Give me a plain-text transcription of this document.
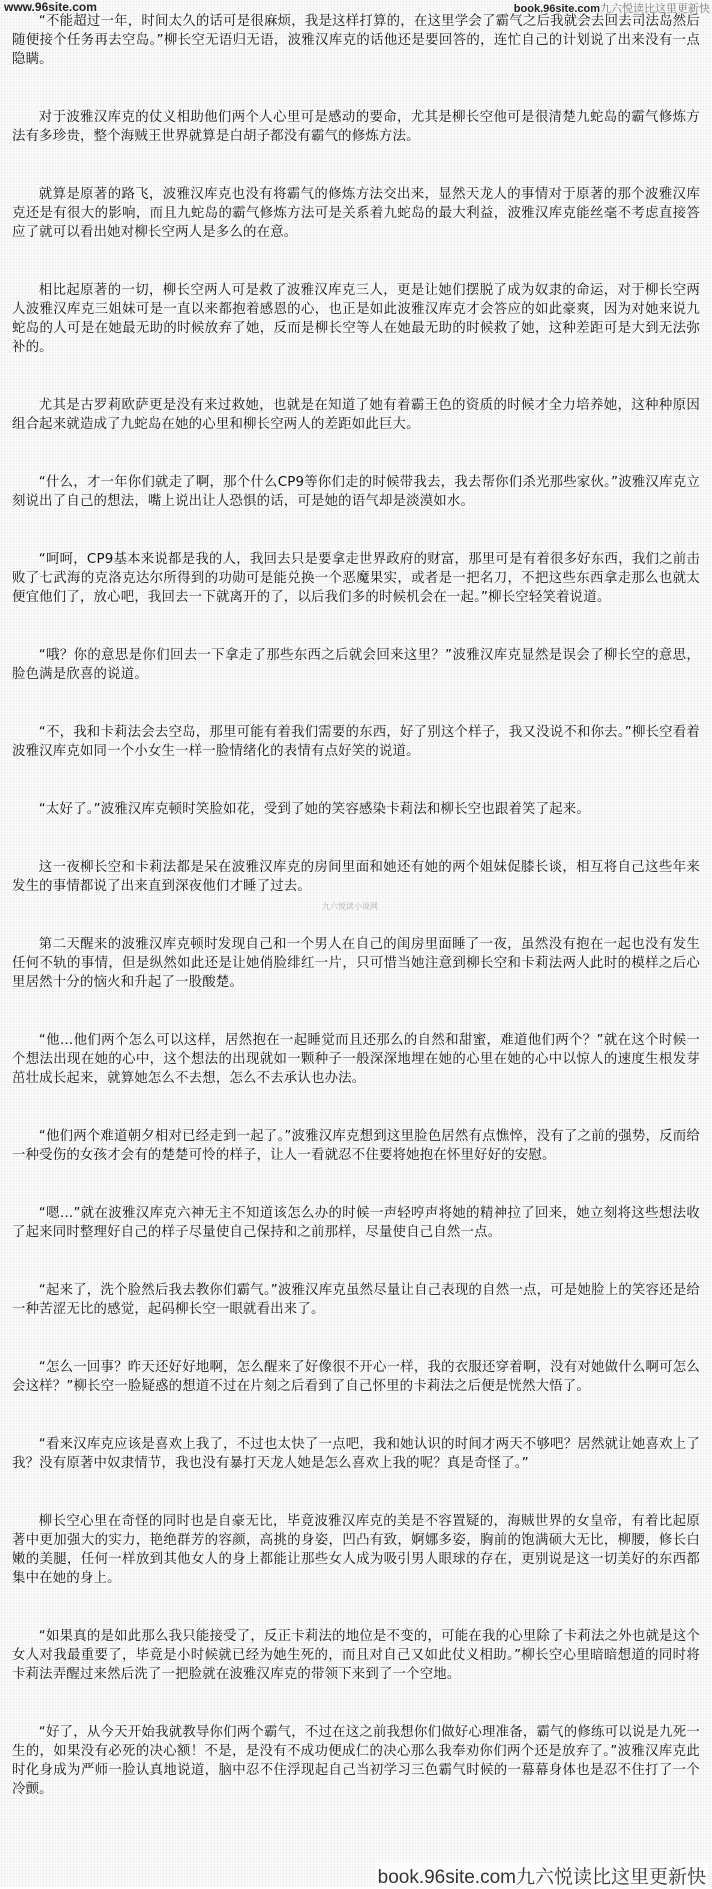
www.96site.com	book.96site.com九六悦读比这里更新快

“不能超过一年，时间太久的话可是很麻烦，我是这样打算的，在这里学会了霸气之后我就会去回去司法岛然后随便接个任务再去空岛。”柳长空无语归无语，波雅汉库克的话他还是要回答的，连忙自己的计划说了出来没有一点隐瞒。

对于波雅汉库克的仗义相助他们两个人心里可是感动的要命，尤其是柳长空他可是很清楚九蛇岛的霸气修炼方法有多珍贵，整个海贼王世界就算是白胡子都没有霸气的修炼方法。

就算是原著的路飞，波雅汉库克也没有将霸气的修炼方法交出来，显然天龙人的事情对于原著的那个波雅汉库克还是有很大的影响，而且九蛇岛的霸气修炼方法可是关系着九蛇岛的最大利益，波雅汉库克能丝毫不考虑直接答应了就可以看出她对柳长空两人是多么的在意。

相比起原著的一切，柳长空两人可是救了波雅汉库克三人，更是让她们摆脱了成为奴隶的命运，对于柳长空两人波雅汉库克三姐妹可是一直以来都抱着感恩的心，也正是如此波雅汉库克才会答应的如此豪爽，因为对她来说九蛇岛的人可是在她最无助的时候放弃了她，反而是柳长空等人在她最无助的时候救了她，这种差距可是大到无法弥补的。

尤其是古罗莉欧萨更是没有来过救她，也就是在知道了她有着霸王色的资质的时候才全力培养她，这种种原因组合起来就造成了九蛇岛在她的心里和柳长空两人的差距如此巨大。

“什么，才一年你们就走了啊，那个什么CP9等你们走的时候带我去，我去帮你们杀光那些家伙。”波雅汉库克立刻说出了自己的想法，嘴上说出让人恐惧的话，可是她的语气却是淡漠如水。

“呵呵，CP9基本来说都是我的人，我回去只是要拿走世界政府的财富，那里可是有着很多好东西，我们之前击败了七武海的克洛克达尔所得到的功勋可是能兑换一个恶魔果实，或者是一把名刀，不把这些东西拿走那么也就太便宜他们了，放心吧，我回去一下就离开的了，以后我们多的时候机会在一起。”柳长空轻笑着说道。

“哦？你的意思是你们回去一下拿走了那些东西之后就会回来这里？”波雅汉库克显然是误会了柳长空的意思，脸色满是欣喜的说道。

“不，我和卡莉法会去空岛，那里可能有着我们需要的东西，好了别这个样子，我又没说不和你去。”柳长空看着波雅汉库克如同一个小女生一样一脸情绪化的表情有点好笑的说道。

“太好了。”波雅汉库克顿时笑脸如花，受到了她的笑容感染卡莉法和柳长空也跟着笑了起来。

这一夜柳长空和卡莉法都是呆在波雅汉库克的房间里面和她还有她的两个姐妹促膝长谈，相互将自己这些年来发生的事情都说了出来直到深夜他们才睡了过去。

第二天醒来的波雅汉库克顿时发现自己和一个男人在自己的闺房里面睡了一夜，虽然没有抱在一起也没有发生任何不轨的事情，但是纵然如此还是让她俏脸绯红一片，只可惜当她注意到柳长空和卡莉法两人此时的模样之后心里居然十分的恼火和升起了一股酸楚。

“他…他们两个怎么可以这样，居然抱在一起睡觉而且还那么的自然和甜蜜，难道他们两个？”就在这个时候一个想法出现在她的心中，这个想法的出现就如一颗种子一般深深地埋在她的心里在她的心中以惊人的速度生根发芽茁壮成长起来，就算她怎么不去想，怎么不去承认也办法。

“他们两个难道朝夕相对已经走到一起了。”波雅汉库克想到这里脸色居然有点憔悴，没有了之前的强势，反而给一种受伤的女孩才会有的楚楚可怜的样子，让人一看就忍不住要将她抱在怀里好好的安慰。

“嗯…”就在波雅汉库克六神无主不知道该怎么办的时候一声轻哼声将她的精神拉了回来，她立刻将这些想法收了起来同时整理好自己的样子尽量使自己保持和之前那样，尽量使自己自然一点。

“起来了，洗个脸然后我去教你们霸气。”波雅汉库克虽然尽量让自己表现的自然一点，可是她脸上的笑容还是给一种苦涩无比的感觉，起码柳长空一眼就看出来了。

“怎么一回事？昨天还好好地啊，怎么醒来了好像很不开心一样，我的衣服还穿着啊，没有对她做什么啊可怎么会这样？”柳长空一脸疑惑的想道不过在片刻之后看到了自己怀里的卡莉法之后便是恍然大悟了。

“看来汉库克应该是喜欢上我了，不过也太快了一点吧，我和她认识的时间才两天不够吧？居然就让她喜欢上了我？没有原著中奴隶情节，我也没有暴打天龙人她是怎么喜欢上我的呢？真是奇怪了。”

柳长空心里在奇怪的同时也是自豪无比，毕竟波雅汉库克的美是不容置疑的，海贼世界的女皇帝，有着比起原著中更加强大的实力，艳绝群芳的容颜，高挑的身姿，凹凸有致，婀娜多姿，胸前的饱满硕大无比，柳腰，修长白嫩的美腿，任何一样放到其他女人的身上都能让那些女人成为吸引男人眼球的存在，更别说是这一切美好的东西都集中在她的身上。

“如果真的是如此那么我只能接受了，反正卡莉法的地位是不变的，可能在我的心里除了卡莉法之外也就是这个女人对我最重要了，毕竟是小时候就已经为她生死的，而且对自己又如此仗义相助。”柳长空心里暗暗想道的同时将卡莉法弄醒过来然后洗了一把脸就在波雅汉库克的带领下来到了一个空地。

“好了，从今天开始我就教导你们两个霸气，不过在这之前我想你们做好心理准备，霸气的修练可以说是九死一生的，如果没有必死的决心额！不是，是没有不成功便成仁的决心那么我奉劝你们两个还是放弃了。”波雅汉库克此时化身成为严师一脸认真地说道，脑中忍不住浮现起自己当初学习三色霸气时候的一幕幕身体也是忍不住打了一个冷颤。

九六悦读小说网
book.96site.com九六悦读比这里更新快
